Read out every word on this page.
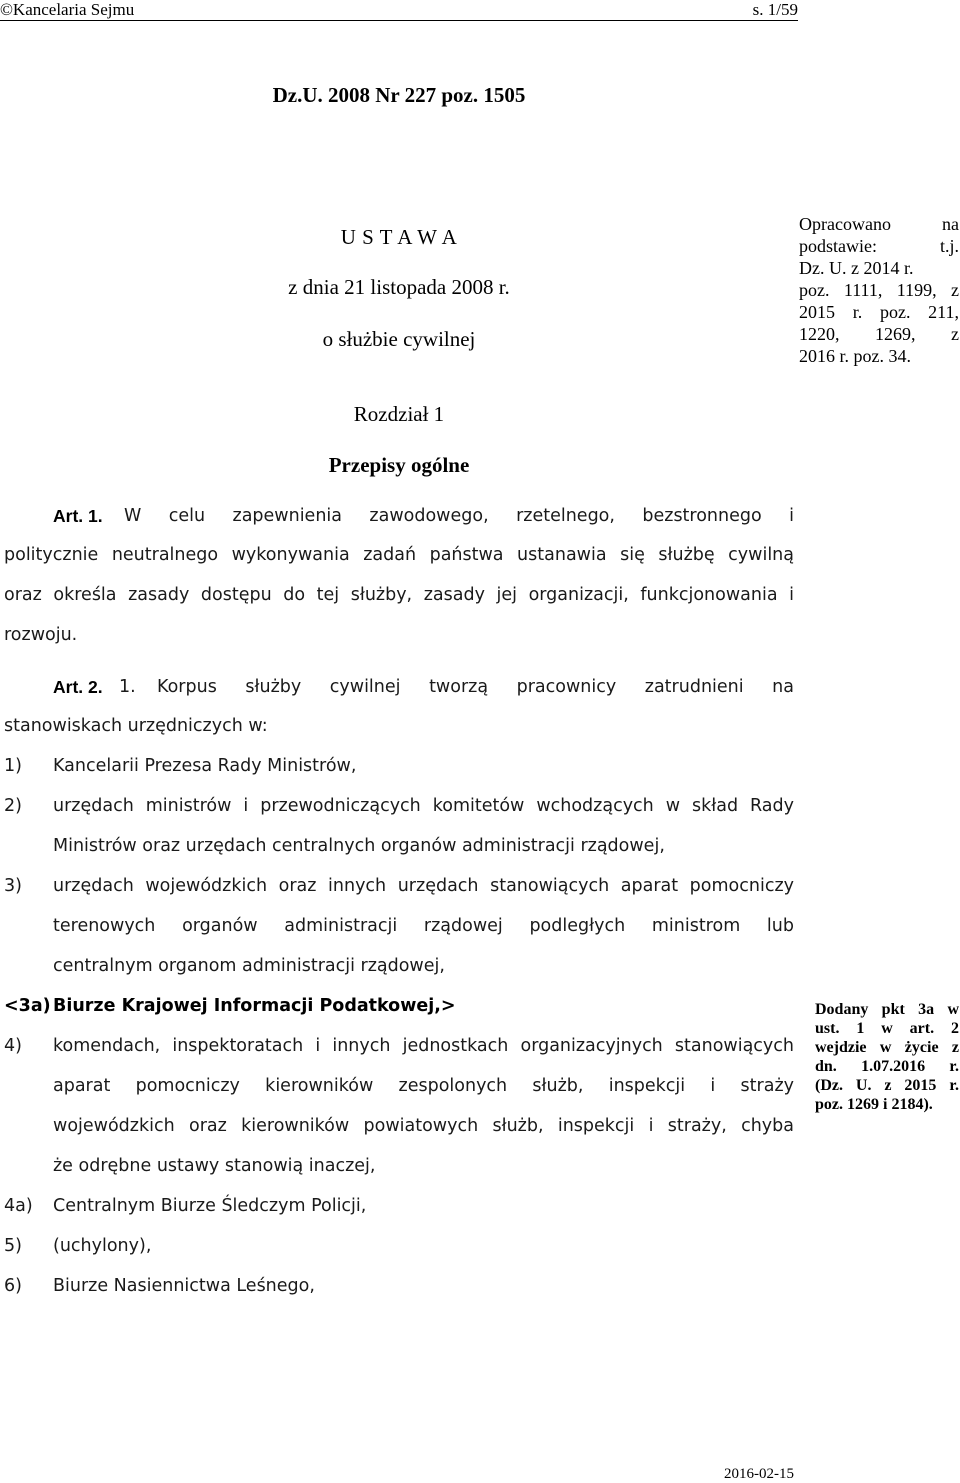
©Kancelaria Sejmu	s. 1/59

Dz.U. 2008 Nr 227 poz. 1505

U S T A W A

z dnia 21 listopada 2008 r.

o służbie cywilnej

Opracowano na
podstawie: t.j.
Dz. U. z 2014 r.
poz. 1111, 1199, z
2015 r. poz. 211,
1220, 1269, z
2016 r. poz. 34.

Rozdział 1

Przepisy ogólne

Art. 1. W celu zapewnienia zawodowego, rzetelnego, bezstronnego i

politycznie neutralnego wykonywania zadań państwa ustanawia się służbę cywilną

oraz określa zasady dostępu do tej służby, zasady jej organizacji, funkcjonowania i

rozwoju.

Art. 2. 1. Korpus służby cywilnej tworzą pracownicy zatrudnieni na

stanowiskach urzędniczych w:

1) Kancelarii Prezesa Rady Ministrów,

2) urzędach ministrów i przewodniczących komitetów wchodzących w skład Rady

Ministrów oraz urzędach centralnych organów administracji rządowej,

3) urzędach wojewódzkich oraz innych urzędach stanowiących aparat pomocniczy

terenowych organów administracji rządowej podległych ministrom lub

centralnym organom administracji rządowej,

<3a) Biurze Krajowej Informacji Podatkowej,>

4) komendach, inspektoratach i innych jednostkach organizacyjnych stanowiących

aparat pomocniczy kierowników zespolonych służb, inspekcji i straży

wojewódzkich oraz kierowników powiatowych służb, inspekcji i straży, chyba

że odrębne ustawy stanowią inaczej,

4a) Centralnym Biurze Śledczym Policji,

5) (uchylony),

6) Biurze Nasiennictwa Leśnego,

Dodany pkt 3a w
ust. 1 w art. 2
wejdzie w życie z
dn. 1.07.2016 r.
(Dz. U. z 2015 r.
poz. 1269 i 2184).

2016-02-15
